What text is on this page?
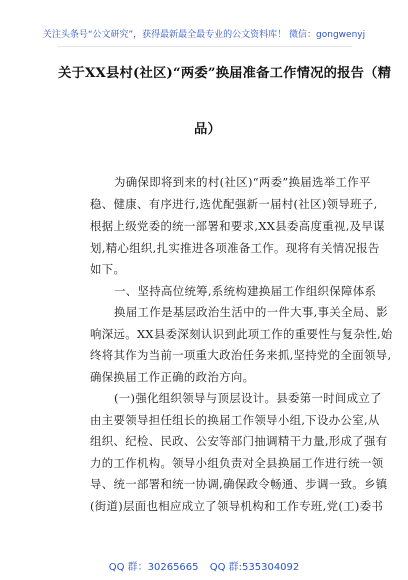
关注头条号“公文研究”，获得最新最全最专业的公文资料库！ 微信：gongwenyj
关于XX县村(社区)“两委”换届准备工作情况的报告（精
品）
为确保即将到来的村(社区)“两委”换届选举工作平
稳、健康、有序进行,选优配强新一届村(社区)领导班子,
根据上级党委的统一部署和要求,XX县委高度重视,及早谋
划,精心组织,扎实推进各项准备工作。现将有关情况报告
如下。
一、坚持高位统筹,系统构建换届工作组织保障体系
换届工作是基层政治生活中的一件大事,事关全局、影
响深远。XX县委深刻认识到此项工作的重要性与复杂性,始
终将其作为当前一项重大政治任务来抓,坚持党的全面领导,
确保换届工作正确的政治方向。
(一)强化组织领导与顶层设计。县委第一时间成立了
由主要领导担任组长的换届工作领导小组,下设办公室,从
组织、纪检、民政、公安等部门抽调精干力量,形成了强有
力的工作机构。领导小组负责对全县换届工作进行统一领
导、统一部署和统一协调,确保政令畅通、步调一致。乡镇
(街道)层面也相应成立了领导机构和工作专班,党(工)委书
QQ 群：30265665 QQ 群:535304092
